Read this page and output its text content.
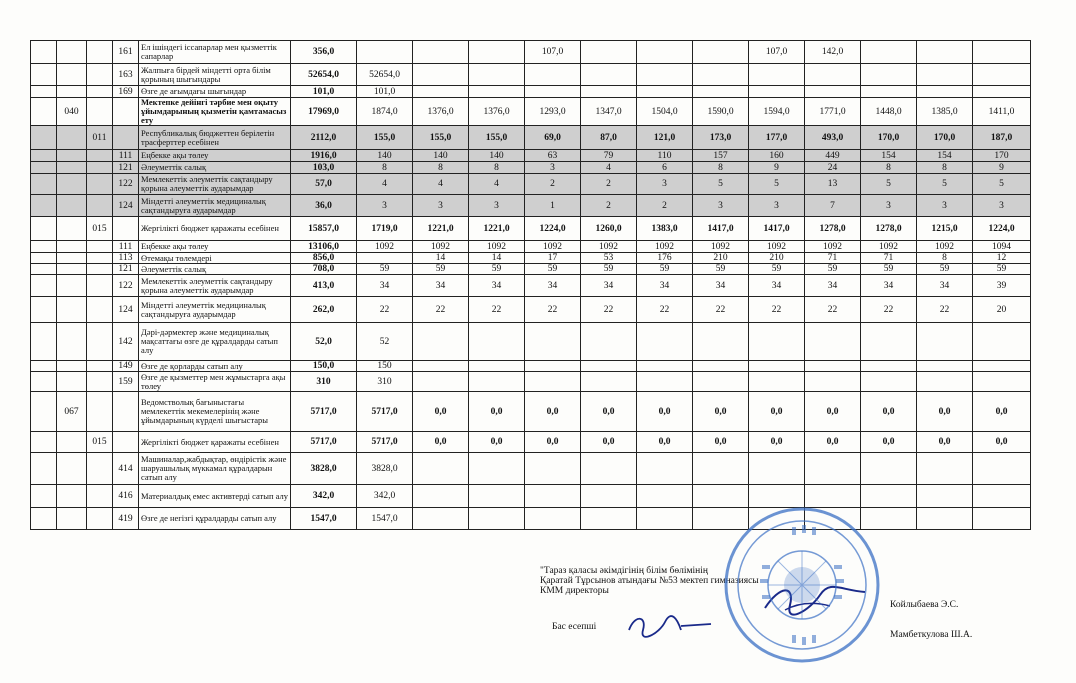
			161	Ел ішіндегі іссапарлар мен қызметтік сапарлар	356,0				107,0				107,0	142,0			
			163	Жалпыға бірдей міндетті орта білім қорының шығындары	52654,0	52654,0											
			169	Өзге де ағымдағы шығындар	101,0	101,0											
	040			Мектепке дейінгі тәрбие мен оқыту ұйымдарының қызметін қамтамасыз ету	17969,0	1874,0	1376,0	1376,0	1293,0	1347,0	1504,0	1590,0	1594,0	1771,0	1448,0	1385,0	1411,0
		011		Республикалық бюджеттен берілетін трасферттер есебінен	2112,0	155,0	155,0	155,0	69,0	87,0	121,0	173,0	177,0	493,0	170,0	170,0	187,0
			111	Еңбекке ақы төлеу	1916,0	140	140	140	63	79	110	157	160	449	154	154	170
			121	Әлеуметтік салық	103,0	8	8	8	3	4	6	8	9	24	8	8	9
			122	Мемлекеттік әлеуметтік сақтандыру қорына әлеуметтік аударымдар	57,0	4	4	4	2	2	3	5	5	13	5	5	5
			124	Міндетті әлеуметтік медициналық сақтандыруға аударымдар	36,0	3	3	3	1	2	2	3	3	7	3	3	3
		015		Жергілікті бюджет қаражаты есебінен	15857,0	1719,0	1221,0	1221,0	1224,0	1260,0	1383,0	1417,0	1417,0	1278,0	1278,0	1215,0	1224,0
			111	Еңбекке ақы төлеу	13106,0	1092	1092	1092	1092	1092	1092	1092	1092	1092	1092	1092	1094
			113	Өтемақы төлемдері	856,0		14	14	17	53	176	210	210	71	71	8	12
			121	Әлеуметтік салық	708,0	59	59	59	59	59	59	59	59	59	59	59	59
			122	Мемлекеттік әлеуметтік сақтандыру қорына әлеуметтік аударымдар	413,0	34	34	34	34	34	34	34	34	34	34	34	39
			124	Міндетті әлеуметтік медициналық сақтандыруға аударымдар	262,0	22	22	22	22	22	22	22	22	22	22	22	20
			142	Дәрі-дәрмектер және медициналық мақсаттағы өзге де құралдарды сатып алу	52,0	52											
			149	Өзге де қорларды сатып алу	150,0	150											
			159	Өзге де қызметтер мен жұмыстарга ақы төлеу	310	310											
	067			Ведомстволық бағыныстағы мемлекеттік мекемелерінің және ұйымдарының күрделі шығыстары	5717,0	5717,0	0,0	0,0	0,0	0,0	0,0	0,0	0,0	0,0	0,0	0,0	0,0
		015		Жергілікті бюджет қаражаты есебінен	5717,0	5717,0	0,0	0,0	0,0	0,0	0,0	0,0	0,0	0,0	0,0	0,0	0,0
			414	Машиналар,жабдықтар, өндірістік және шаруашылық мүккамал құралдарын сатып алу	3828,0	3828,0											
			416	Материалдық емес активтерді сатып алу	342,0	342,0											
			419	Өзге де негізгі құралдарды сатып алу	1547,0	1547,0											
"Тараз қаласы әкімдігінің білім бөлімінің
Қаратай Тұрсынов атындағы №53 мектеп гимназиясы
КММ директоры
Койлыбаева Э.С.
Бас есепші
Мамбеткулова Ш.А.
